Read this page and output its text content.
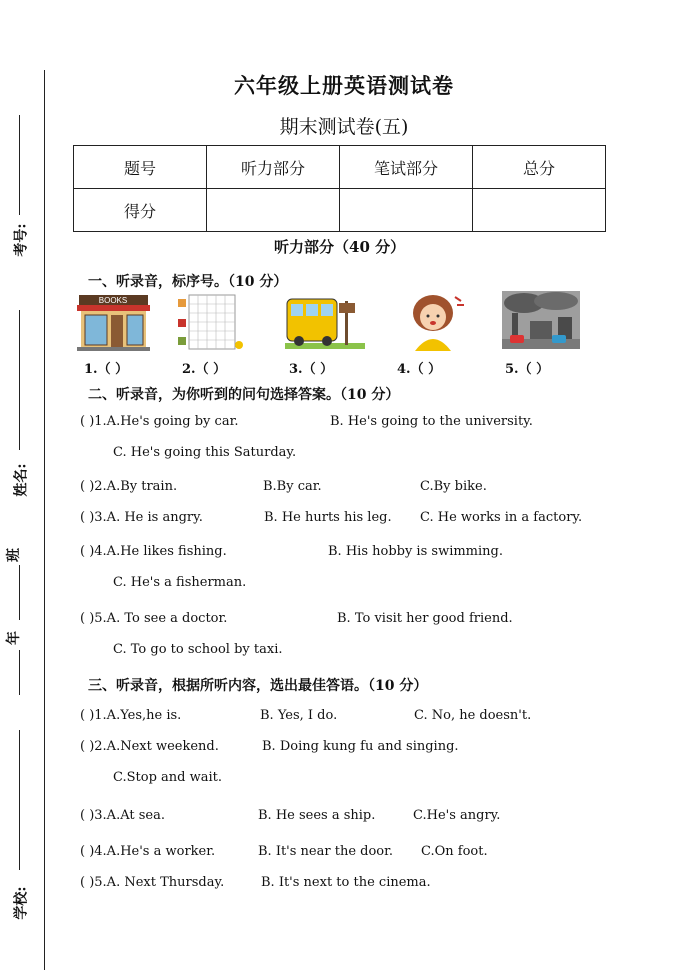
考号:
姓名:
班
年
学校:
六年级上册英语测试卷
期末测试卷(五)
题号	听力部分	笔试部分	总分
得分			
听力部分（40 分）
一、听录音，标序号。（10 分）
BOOKS
1.（ ）	2.（ ）	3.（ ）	4.（ ）	5.（ ）
二、听录音，为你听到的问句选择答案。（10 分）
( )1.A.He's going by car.	B. He's going to the university.
C. He's going this Saturday.
( )2.A.By train.	B.By car.	C.By bike.
( )3.A. He is angry.	B. He hurts his leg. C. He works in a factory.
( )4.A.He likes fishing.	B. His hobby is swimming.
C. He's a fisherman.
( )5.A. To see a doctor.	B. To visit her good friend.
C. To go to school by taxi.
三、听录音，根据所听内容，选出最佳答语。（10 分）
( )1.A.Yes,he is.	B. Yes, I do.	C. No, he doesn't.
( )2.A.Next weekend.	B. Doing kung fu and singing.
C.Stop and wait.
( )3.A.At sea.	B. He sees a ship.	C.He's angry.
( )4.A.He's a worker.	B. It's near the door. C.On foot.
( )5.A. Next Thursday.	B. It's next to the cinema.
